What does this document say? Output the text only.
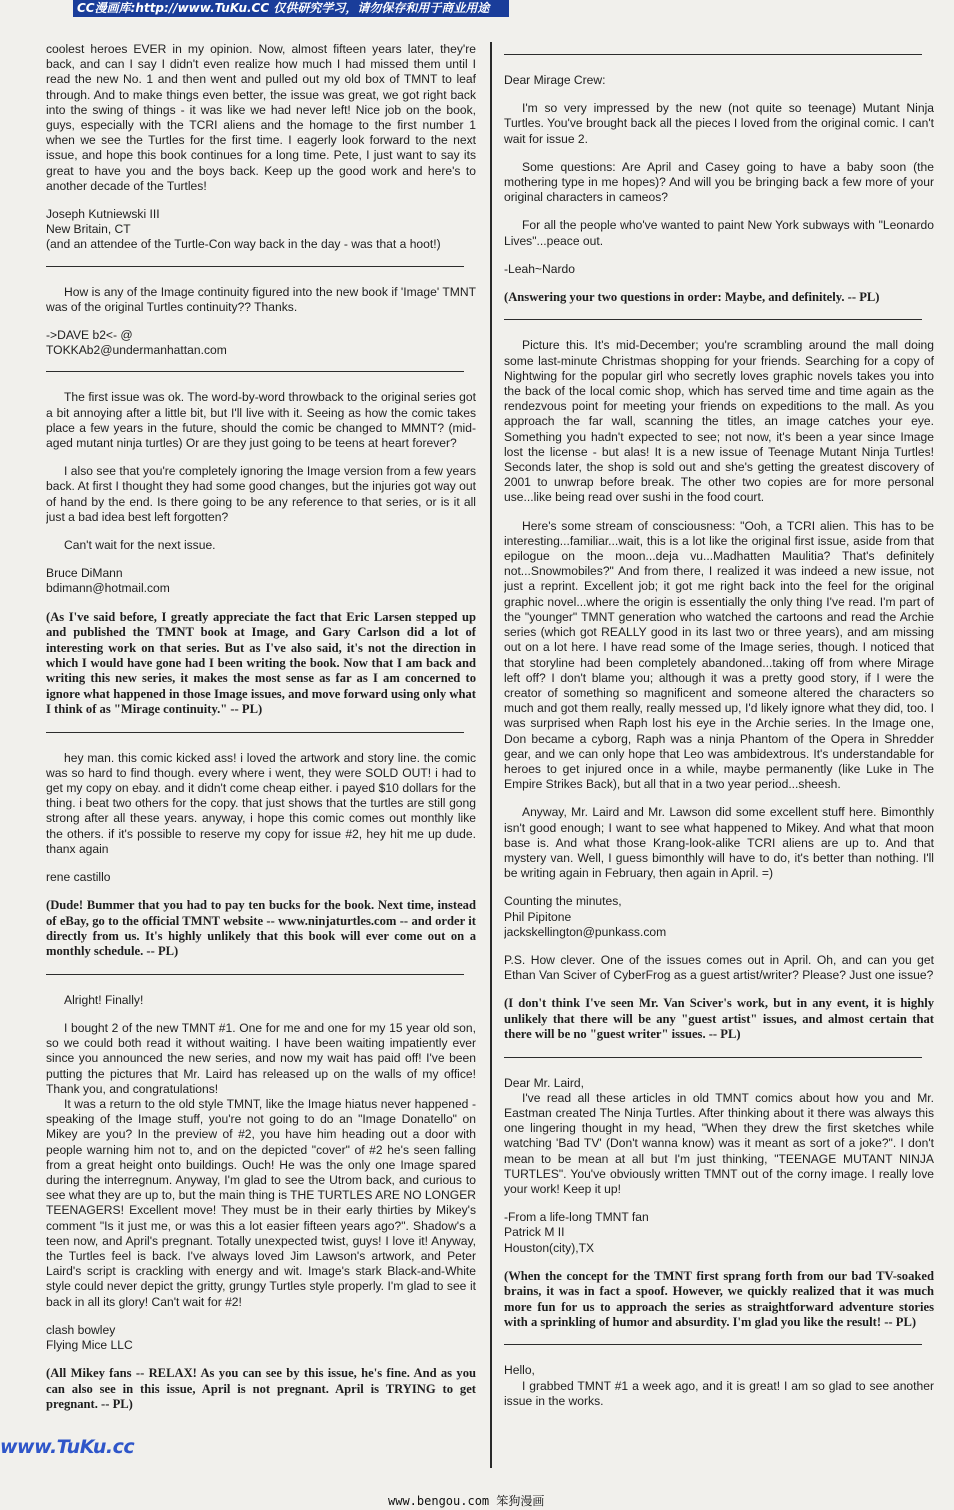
CC漫画库:http://www.TuKu.CC 仅供研究学习，请勿保存和用于商业用途

coolest heroes EVER in my opinion. Now, almost fifteen years later, they're back, and can I say I didn't even realize how much I had missed them until I read the new No. 1 and then went and pulled out my old box of TMNT to leaf through. And to make things even better, the issue was great, we got right back into the swing of things - it was like we had never left! Nice job on the book, guys, especially with the TCRI aliens and the homage to the first number 1 when we see the Turtles for the first time. I eagerly look forward to the next issue, and hope this book continues for a long time. Pete, I just want to say its great to have you and the boys back. Keep up the good work and here's to another decade of the Turtles!

Joseph Kutniewski III
New Britain, CT
(and an attendee of the Turtle-Con way back in the day - was that a hoot!)

How is any of the Image continuity figured into the new book if 'Image' TMNT was of the original Turtles continuity?? Thanks.

->DAVE b2<- @
TOKKAb2@undermanhattan.com

The first issue was ok. The word-by-word throwback to the original series got a bit annoying after a little bit, but I'll live with it. Seeing as how the comic takes place a few years in the future, should the comic be changed to MMNT? (mid-aged mutant ninja turtles) Or are they just going to be teens at heart forever?

I also see that you're completely ignoring the Image version from a few years back. At first I thought they had some good changes, but the injuries got way out of hand by the end. Is there going to be any reference to that series, or is it all just a bad idea best left forgotten?

Can't wait for the next issue.

Bruce DiMann
bdimann@hotmail.com

(As I've said before, I greatly appreciate the fact that Eric Larsen stepped up and published the TMNT book at Image, and Gary Carlson did a lot of interesting work on that series. But as I've also said, it's not the direction in which I would have gone had I been writing the book. Now that I am back and writing this new series, it makes the most sense as far as I am concerned to ignore what happened in those Image issues, and move forward using only what I think of as "Mirage continuity." -- PL)

hey man. this comic kicked ass! i loved the artwork and story line. the comic was so hard to find though. every where i went, they were SOLD OUT! i had to get my copy on ebay. and it didn't come cheap either. i payed $10 dollars for the thing. i beat two others for the copy. that just shows that the turtles are still gong strong after all these years. anyway, i hope this comic comes out monthly like the others. if it's possible to reserve my copy for issue #2, hey hit me up dude. thanx again

rene castillo

(Dude! Bummer that you had to pay ten bucks for the book. Next time, instead of eBay, go to the official TMNT website -- www.ninjaturtles.com -- and order it directly from us. It's highly unlikely that this book will ever come out on a monthly schedule. -- PL)

Alright! Finally!

I bought 2 of the new TMNT #1. One for me and one for my 15 year old son, so we could both read it without waiting. I have been waiting impatiently ever since you announced the new series, and now my wait has paid off! I've been putting the pictures that Mr. Laird has released up on the walls of my office! Thank you, and congratulations!

It was a return to the old style TMNT, like the Image hiatus never happened - speaking of the Image stuff, you're not going to do an "Image Donatello" on Mikey are you? In the preview of #2, you have him heading out a door with people warning him not to, and on the depicted "cover" of #2 he's seen falling from a great height onto buildings. Ouch! He was the only one Image spared during the interregnum. Anyway, I'm glad to see the Utrom back, and curious to see what they are up to, but the main thing is THE TURTLES ARE NO LONGER TEENAGERS! Excellent move! They must be in their early thirties by Mikey's comment "Is it just me, or was this a lot easier fifteen years ago?". Shadow's a teen now, and April's pregnant. Totally unexpected twist, guys! I love it! Anyway, the Turtles feel is back. I've always loved Jim Lawson's artwork, and Peter Laird's script is crackling with energy and wit. Image's stark Black-and-White style could never depict the gritty, grungy Turtles style properly. I'm glad to see it back in all its glory! Can't wait for #2!

clash bowley
Flying Mice LLC

(All Mikey fans -- RELAX! As you can see by this issue, he's fine. And as you can also see in this issue, April is not pregnant. April is TRYING to get pregnant. -- PL)

Dear Mirage Crew:

I'm so very impressed by the new (not quite so teenage) Mutant Ninja Turtles. You've brought back all the pieces I loved from the original comic. I can't wait for issue 2.

Some questions: Are April and Casey going to have a baby soon (the mothering type in me hopes)? And will you be bringing back a few more of your original characters in cameos?

For all the people who've wanted to paint New York subways with "Leonardo Lives"...peace out.

-Leah~Nardo

(Answering your two questions in order: Maybe, and definitely. -- PL)

Picture this. It's mid-December; you're scrambling around the mall doing some last-minute Christmas shopping for your friends. Searching for a copy of Nightwing for the popular girl who secretly loves graphic novels takes you into the back of the local comic shop, which has served time and time again as the rendezvous point for meeting your friends on expeditions to the mall. As you approach the far wall, scanning the titles, an image catches your eye. Something you hadn't expected to see; not now, it's been a year since Image lost the license - but alas! It is a new issue of Teenage Mutant Ninja Turtles! Seconds later, the shop is sold out and she's getting the greatest discovery of 2001 to unwrap before break. The other two copies are for more personal use...like being read over sushi in the food court.

Here's some stream of consciousness: "Ooh, a TCRI alien. This has to be interesting...familiar...wait, this is a lot like the original first issue, aside from that epilogue on the moon...deja vu...Madhatten Maulitia? That's definitely not...Snowmobiles?" And from there, I realized it was indeed a new issue, not just a reprint. Excellent job; it got me right back into the feel for the original graphic novel...where the origin is essentially the only thing I've read. I'm part of the "younger" TMNT generation who watched the cartoons and read the Archie series (which got REALLY good in its last two or three years), and am missing out on a lot here. I have read some of the Image series, though. I noticed that that storyline had been completely abandoned...taking off from where Mirage left off? I don't blame you; although it was a pretty good story, if I were the creator of something so magnificent and someone altered the characters so much and got them really, really messed up, I'd likely ignore what they did, too. I was surprised when Raph lost his eye in the Archie series. In the Image one, Don became a cyborg, Raph was a ninja Phantom of the Opera in Shredder gear, and we can only hope that Leo was ambidextrous. It's understandable for heroes to get injured once in a while, maybe permanently (like Luke in The Empire Strikes Back), but all that in a two year period...sheesh.

Anyway, Mr. Laird and Mr. Lawson did some excellent stuff here. Bimonthly isn't good enough; I want to see what happened to Mikey. And what that moon base is. And what those Krang-look-alike TCRI aliens are up to. And that mystery van. Well, I guess bimonthly will have to do, it's better than nothing. I'll be writing again in February, then again in April. =)

Counting the minutes,
Phil Pipitone
jackskellington@punkass.com

P.S. How clever. One of the issues comes out in April. Oh, and can you get Ethan Van Sciver of CyberFrog as a guest artist/writer? Please? Just one issue?

(I don't think I've seen Mr. Van Sciver's work, but in any event, it is highly unlikely that there will be any "guest artist" issues, and almost certain that there will be no "guest writer" issues. -- PL)

Dear Mr. Laird,

I've read all these articles in old TMNT comics about how you and Mr. Eastman created The Ninja Turtles. After thinking about it there was always this one lingering thought in my head, "When they drew the first sketches while watching 'Bad TV' (Don't wanna know) was it meant as sort of a joke?". I don't mean to be mean at all but I'm just thinking, "TEENAGE MUTANT NINJA TURTLES". You've obviously written TMNT out of the corny image. I really love your work! Keep it up!

-From a life-long TMNT fan
Patrick M II
Houston(city),TX

(When the concept for the TMNT first sprang forth from our bad TV-soaked brains, it was in fact a spoof. However, we quickly realized that it was much more fun for us to approach the series as straightforward adventure stories with a sprinkling of humor and absurdity. I'm glad you like the result! -- PL)

Hello,

I grabbed TMNT #1 a week ago, and it is great! I am so glad to see another issue in the works.

www.TuKu.cc
www.bengou.com 笨狗漫画
